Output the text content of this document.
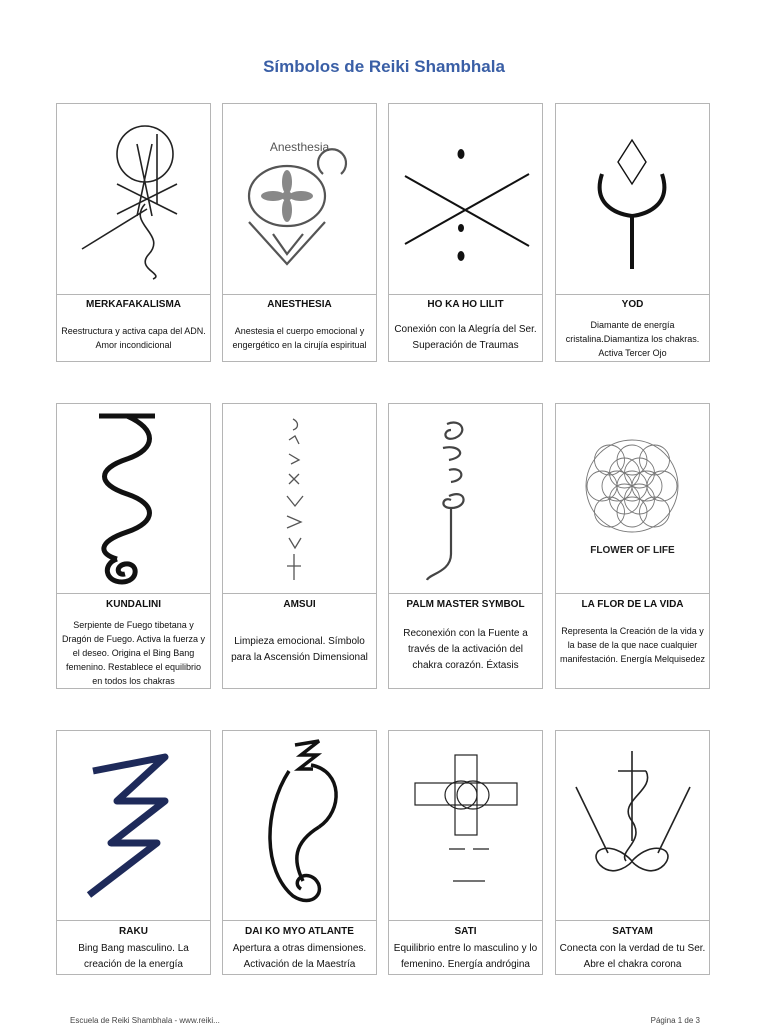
Símbolos de Reiki Shambhala
MERKAFAKALISMA
Reestructura y activa capa del ADN. Amor incondicional
Anesthesia
ANESTHESIA
Anestesia el cuerpo emocional y engergético en la cirujía espiritual
HO KA HO LILIT
Conexión con la Alegría del Ser. Superación de Traumas
YOD
Diamante de energía cristalina.Diamantiza los chakras. Activa Tercer Ojo
KUNDALINI
Serpiente de Fuego tibetana y Dragón de Fuego. Activa la fuerza y el deseo. Origina el Bing Bang femenino. Restablece el equilibrio en todos los chakras
AMSUI
Limpieza emocional. Símbolo para la Ascensión Dimensional
PALM MASTER SYMBOL
Reconexión con la Fuente a través de la activación del chakra corazón. Éxtasis
FLOWER OF LIFE
LA FLOR DE LA VIDA
Representa la Creación de la vida y la base de la que nace cualquier manifestación. Energía Melquisedez
RAKU
Bing Bang masculino. La creación de la energía
DAI KO MYO ATLANTE
Apertura a otras dimensiones. Activación de la Maestría
SATI
Equilibrio entre lo masculino y lo femenino. Energía andrógina
SATYAM
Conecta con la verdad de tu Ser. Abre el chakra corona
Escuela de Reiki Shambhala - www.reiki...	Página 1 de 3
